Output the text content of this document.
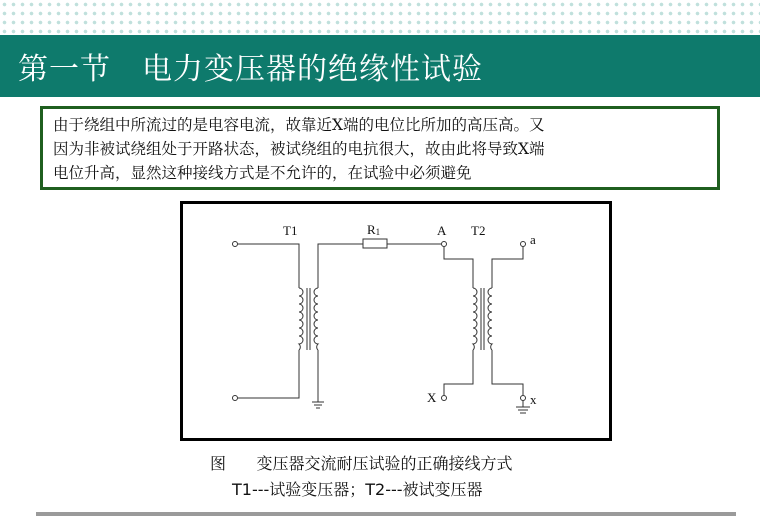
第一节　电力变压器的绝缘性试验
由于绕组中所流过的是电容电流，故靠近X端的电位比所加的高压高。又
因为非被试绕组处于开路状态，被试绕组的电抗很大，故由此将导致X端
电位升高，显然这种接线方式是不允许的，在试验中必须避免
T1	R1	A T2
a
X	x
图 变压器交流耐压试验的正确接线方式
T1---试验变压器；T2---被试变压器
